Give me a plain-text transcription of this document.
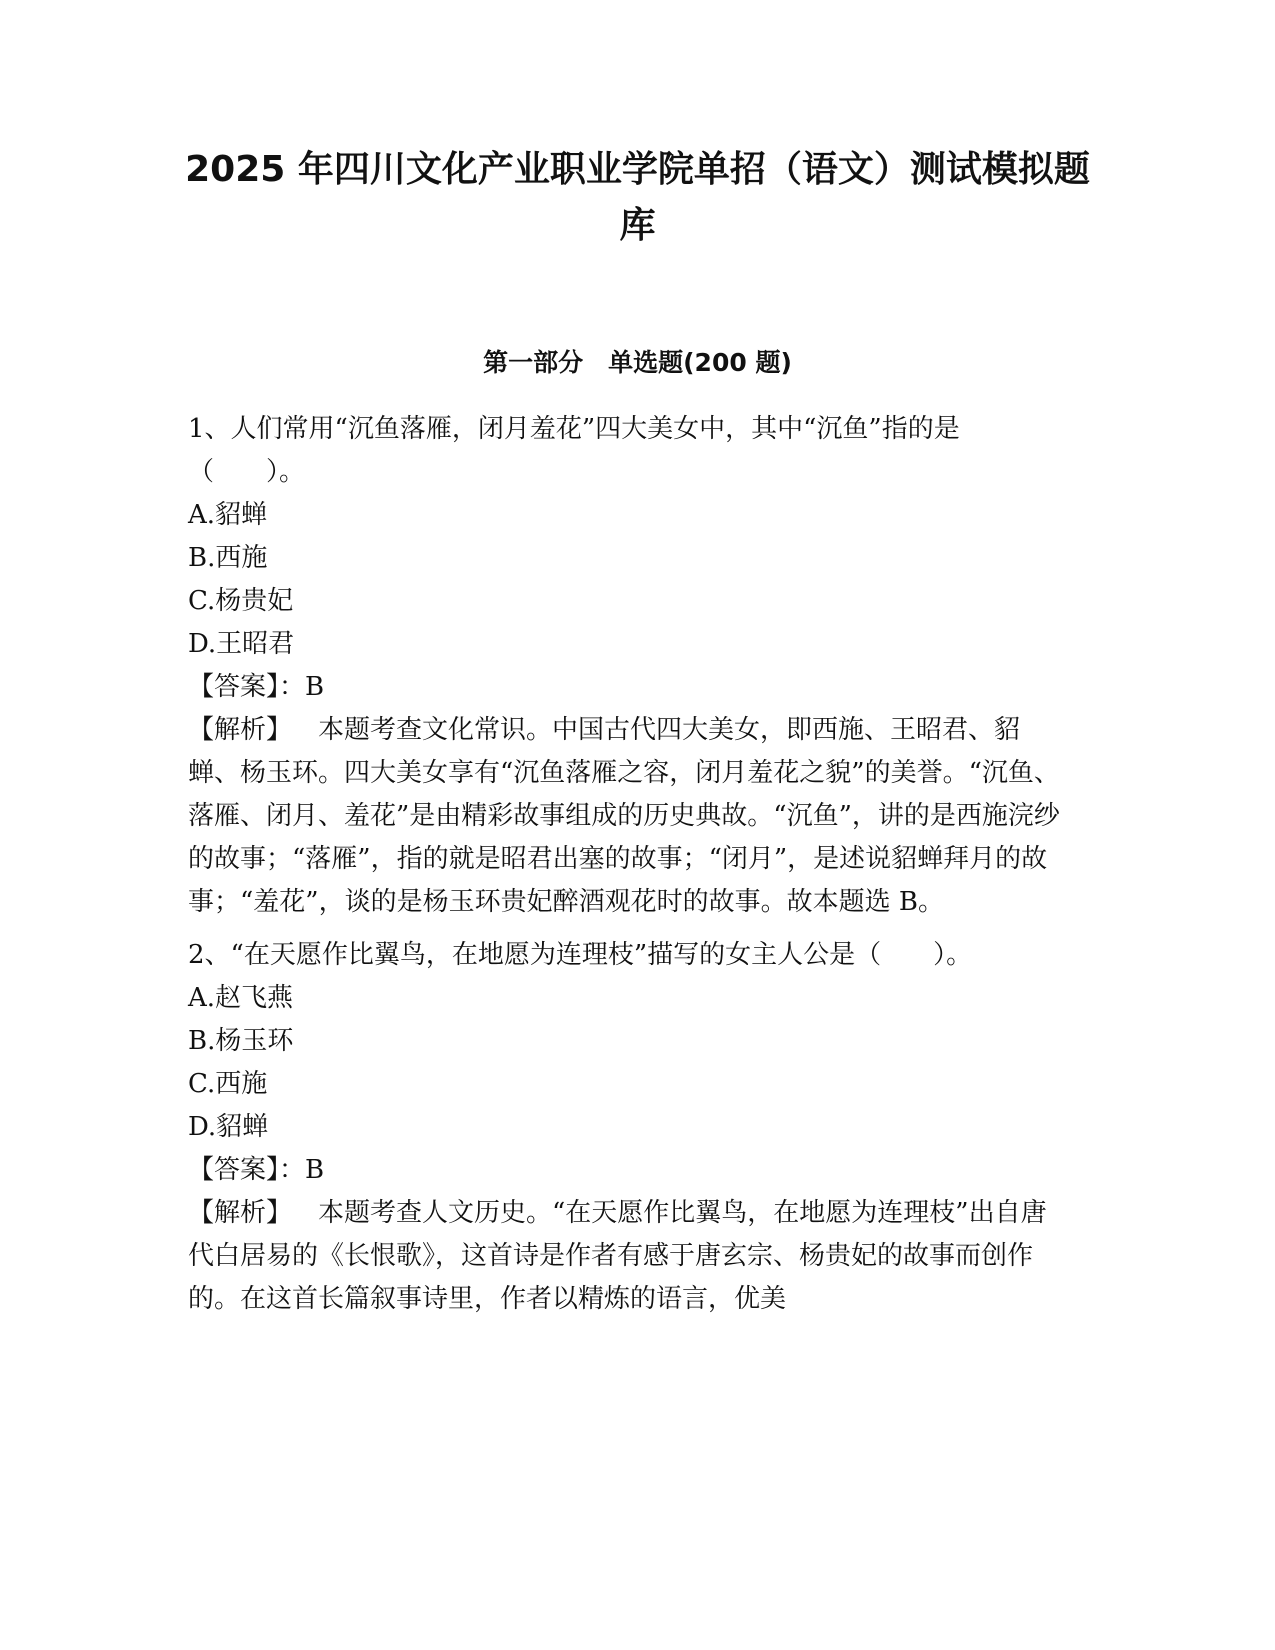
2025 年四川文化产业职业学院单招（语文）测试模拟题库
第一部分　单选题(200 题)

1、人们常用“沉鱼落雁，闭月羞花”四大美女中，其中“沉鱼”指的是（　　）。

A.貂蝉
B.西施
C.杨贵妃
D.王昭君

【答案】：B

【解析】 本题考查文化常识。中国古代四大美女，即西施、王昭君、貂蝉、杨玉环。四大美女享有“沉鱼落雁之容，闭月羞花之貌”的美誉。“沉鱼、落雁、闭月、羞花”是由精彩故事组成的历史典故。“沉鱼”，讲的是西施浣纱的故事；“落雁”，指的就是昭君出塞的故事；“闭月”，是述说貂蝉拜月的故事；“羞花”，谈的是杨玉环贵妃醉酒观花时的故事。故本题选 B。

2、“在天愿作比翼鸟，在地愿为连理枝”描写的女主人公是（　　）。

A.赵飞燕
B.杨玉环
C.西施
D.貂蝉

【答案】：B

【解析】 本题考查人文历史。“在天愿作比翼鸟，在地愿为连理枝”出自唐代白居易的《长恨歌》，这首诗是作者有感于唐玄宗、杨贵妃的故事而创作的。在这首长篇叙事诗里，作者以精炼的语言，优美
